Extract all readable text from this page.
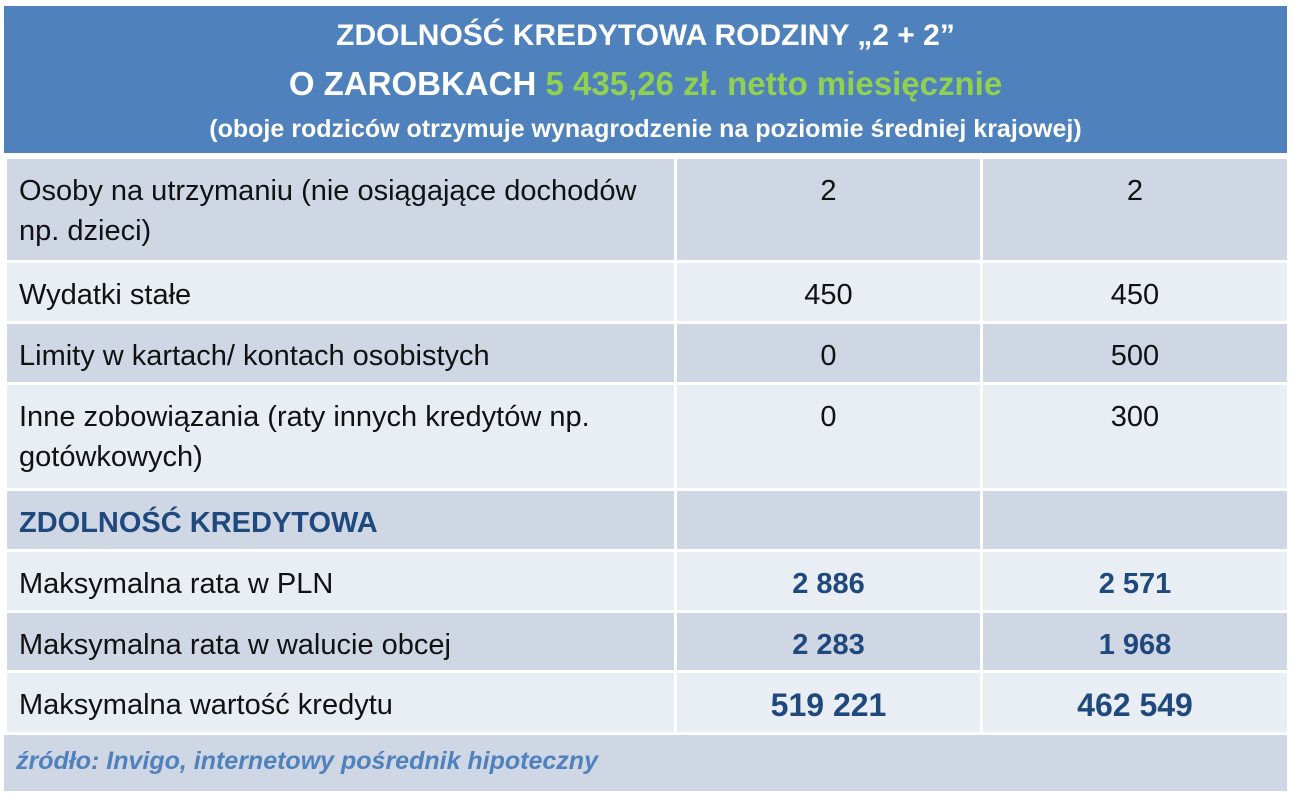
ZDOLNOŚĆ KREDYTOWA RODZINY „2 + 2”
O ZAROBKACH 5 435,26 zł. netto miesięcznie
(oboje rodziców otrzymuje wynagrodzenie na poziomie średniej krajowej)
Osoby na utrzymaniu (nie osiągające dochodów np. dzieci)	2	2

Wydatki stałe	450	450

Limity w kartach/ kontach osobistych	0	500

Inne zobowiązania (raty innych kredytów np. gotówkowych)	0	300

ZDOLNOŚĆ KREDYTOWA		

Maksymalna rata w PLN	2 886	2 571

Maksymalna rata w walucie obcej	2 283	1 968

Maksymalna wartość kredytu	519 221	462 549
źródło: Invigo, internetowy pośrednik hipoteczny
